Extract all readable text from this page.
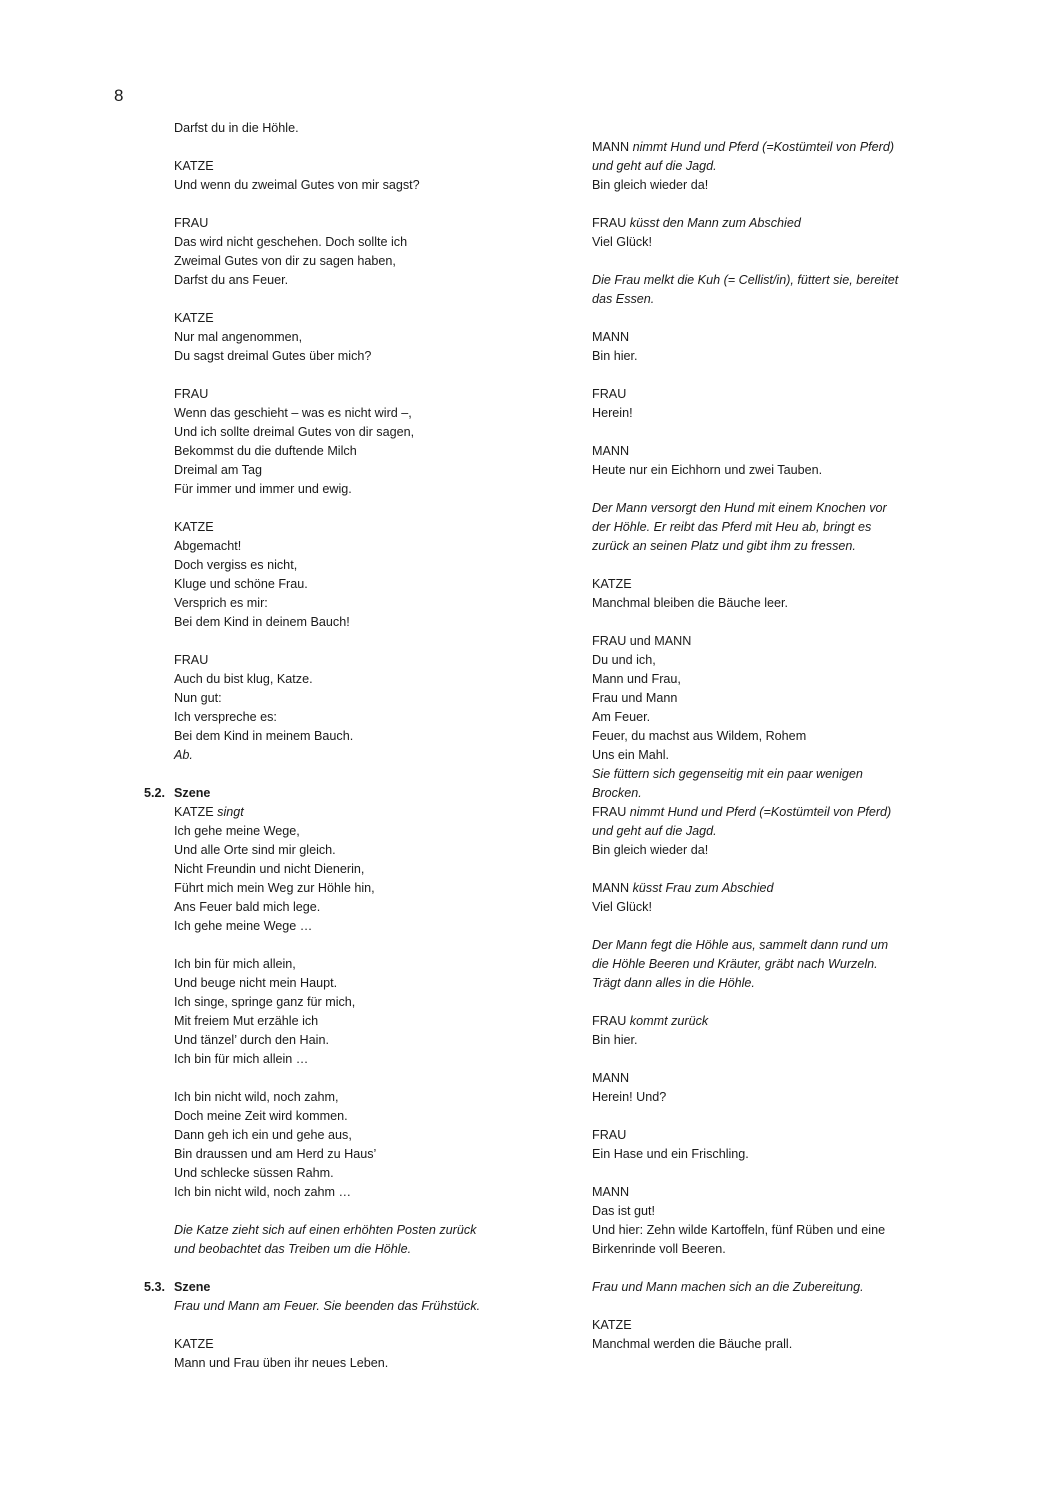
8
Darfst du in die Höhle.
KATZE
Und wenn du zweimal Gutes von mir sagst?
FRAU
Das wird nicht geschehen. Doch sollte ich
Zweimal Gutes von dir zu sagen haben,
Darfst du ans Feuer.
KATZE
Nur mal angenommen,
Du sagst dreimal Gutes über mich?
FRAU
Wenn das geschieht – was es nicht wird –,
Und ich sollte dreimal Gutes von dir sagen,
Bekommst du die duftende Milch
Dreimal am Tag
Für immer und immer und ewig.
KATZE
Abgemacht!
Doch vergiss es nicht,
Kluge und schöne Frau.
Versprich es mir:
Bei dem Kind in deinem Bauch!
FRAU
Auch du bist klug, Katze.
Nun gut:
Ich verspreche es:
Bei dem Kind in meinem Bauch.
Ab.
5.2. Szene
KATZE singt
Ich gehe meine Wege,
Und alle Orte sind mir gleich.
Nicht Freundin und nicht Dienerin,
Führt mich mein Weg zur Höhle hin,
Ans Feuer bald mich lege.
Ich gehe meine Wege …
Ich bin für mich allein,
Und beuge nicht mein Haupt.
Ich singe, springe ganz für mich,
Mit freiem Mut erzähle ich
Und tänzel’ durch den Hain.
Ich bin für mich allein …
Ich bin nicht wild, noch zahm,
Doch meine Zeit wird kommen.
Dann geh ich ein und gehe aus,
Bin draussen und am Herd zu Haus’
Und schlecke süssen Rahm.
Ich bin nicht wild, noch zahm …
Die Katze zieht sich auf einen erhöhten Posten zurück
und beobachtet das Treiben um die Höhle.
5.3. Szene
Frau und Mann am Feuer. Sie beenden das Frühstück.
KATZE
Mann und Frau üben ihr neues Leben.
MANN nimmt Hund und Pferd (=Kostümteil von Pferd)
und geht auf die Jagd.
Bin gleich wieder da!
FRAU küsst den Mann zum Abschied
Viel Glück!
Die Frau melkt die Kuh (= Cellist/in), füttert sie, bereitet
das Essen.
MANN
Bin hier.
FRAU
Herein!
MANN
Heute nur ein Eichhorn und zwei Tauben.
Der Mann versorgt den Hund mit einem Knochen vor
der Höhle. Er reibt das Pferd mit Heu ab, bringt es
zurück an seinen Platz und gibt ihm zu fressen.
KATZE
Manchmal bleiben die Bäuche leer.
FRAU und MANN
Du und ich,
Mann und Frau,
Frau und Mann
Am Feuer.
Feuer, du machst aus Wildem, Rohem
Uns ein Mahl.
Sie füttern sich gegenseitig mit ein paar wenigen
Brocken.
FRAU nimmt Hund und Pferd (=Kostümteil von Pferd)
und geht auf die Jagd.
Bin gleich wieder da!
MANN küsst Frau zum Abschied
Viel Glück!
Der Mann fegt die Höhle aus, sammelt dann rund um
die Höhle Beeren und Kräuter, gräbt nach Wurzeln.
Trägt dann alles in die Höhle.
FRAU kommt zurück
Bin hier.
MANN
Herein! Und?
FRAU
Ein Hase und ein Frischling.
MANN
Das ist gut!
Und hier: Zehn wilde Kartoffeln, fünf Rüben und eine
Birkenrinde voll Beeren.
Frau und Mann machen sich an die Zubereitung.
KATZE
Manchmal werden die Bäuche prall.
